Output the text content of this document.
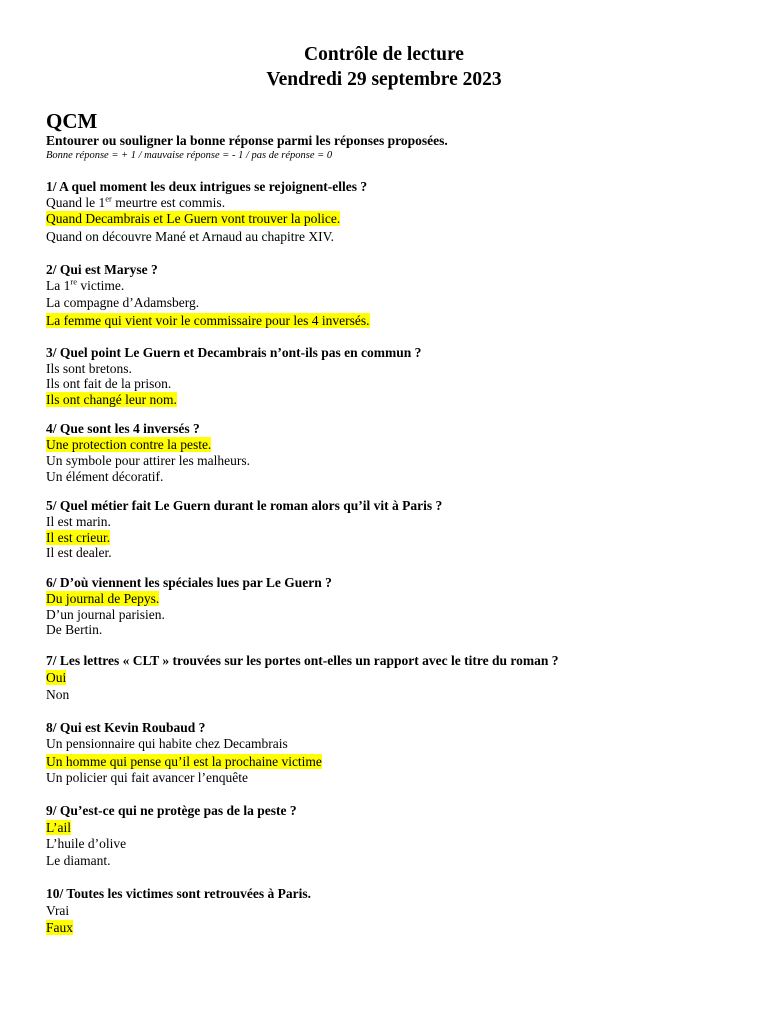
Contrôle de lecture
Vendredi 29 septembre 2023
QCM
Entourer ou souligner la bonne réponse parmi les réponses proposées.
Bonne réponse = + 1 / mauvaise réponse = - 1 / pas de réponse = 0
1/ A quel moment les deux intrigues se rejoignent-elles ?
Quand le 1er meurtre est commis.
Quand Decambrais et Le Guern vont trouver la police.
Quand on découvre Mané et Arnaud au chapitre XIV.
2/ Qui est Maryse ?
La 1re victime.
La compagne d’Adamsberg.
La femme qui vient voir le commissaire pour les 4 inversés.
3/ Quel point Le Guern et Decambrais n’ont-ils pas en commun ?
Ils sont bretons.
Ils ont fait de la prison.
Ils ont changé leur nom.
4/ Que sont les 4 inversés ?
Une protection contre la peste.
Un symbole pour attirer les malheurs.
Un élément décoratif.
5/ Quel métier fait Le Guern durant le roman alors qu’il vit à Paris ?
Il est marin.
Il est crieur.
Il est dealer.
6/ D’où viennent les spéciales lues par Le Guern ?
Du journal de Pepys.
D’un journal parisien.
De Bertin.
7/ Les lettres « CLT » trouvées sur les portes ont-elles un rapport avec le titre du roman ?
Oui
Non
8/ Qui est Kevin Roubaud ?
Un pensionnaire qui habite chez Decambrais
Un homme qui pense qu’il est la prochaine victime
Un policier qui fait avancer l’enquête
9/ Qu’est-ce qui ne protège pas de la peste ?
L’ail
L’huile d’olive
Le diamant.
10/ Toutes les victimes sont retrouvées à Paris.
Vrai
Faux
